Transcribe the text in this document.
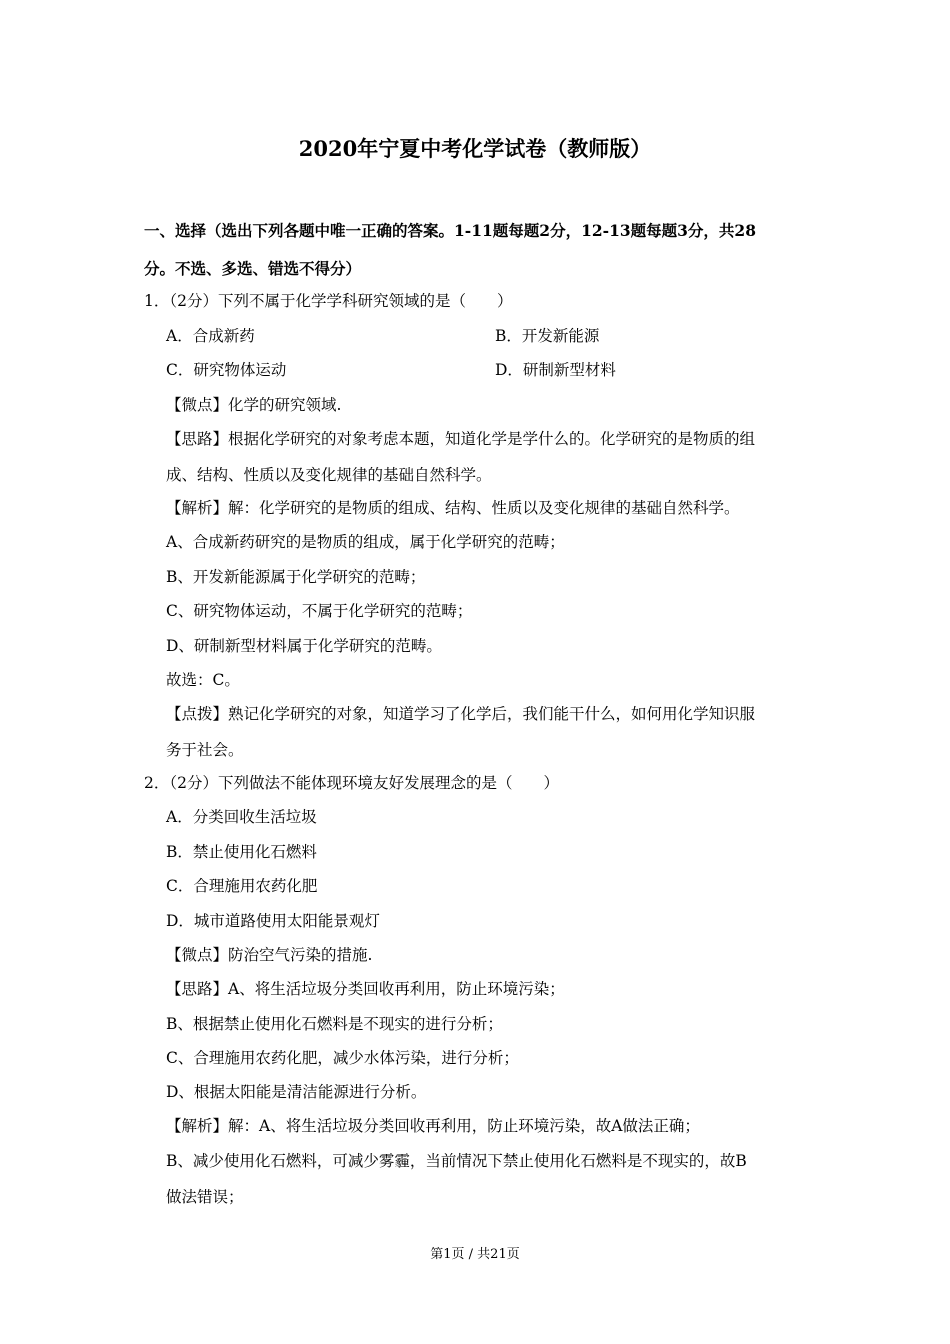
2020年宁夏中考化学试卷（教师版）
一、选择（选出下列各题中唯一正确的答案。1-11题每题2分，12-13题每题3分，共28
分。不选、多选、错选不得分）
1．（2分）下列不属于化学学科研究领域的是（　　）
A．合成新药	B．开发新能源
C．研究物体运动	D．研制新型材料
【微点】化学的研究领域.
【思路】根据化学研究的对象考虑本题，知道化学是学什么的。化学研究的是物质的组
成、结构、性质以及变化规律的基础自然科学。
【解析】解：化学研究的是物质的组成、结构、性质以及变化规律的基础自然科学。
A、合成新药研究的是物质的组成，属于化学研究的范畴；
B、开发新能源属于化学研究的范畴；
C、研究物体运动，不属于化学研究的范畴；
D、研制新型材料属于化学研究的范畴。
故选：C。
【点拨】熟记化学研究的对象，知道学习了化学后，我们能干什么，如何用化学知识服
务于社会。
2．（2分）下列做法不能体现环境友好发展理念的是（　　）
A．分类回收生活垃圾
B．禁止使用化石燃料
C．合理施用农药化肥
D．城市道路使用太阳能景观灯
【微点】防治空气污染的措施.
【思路】A、将生活垃圾分类回收再利用，防止环境污染；
B、根据禁止使用化石燃料是不现实的进行分析；
C、合理施用农药化肥，减少水体污染，进行分析；
D、根据太阳能是清洁能源进行分析。
【解析】解：A、将生活垃圾分类回收再利用，防止环境污染，故A做法正确；
B、减少使用化石燃料，可减少雾霾，当前情况下禁止使用化石燃料是不现实的，故B
做法错误；
第1页 / 共21页
